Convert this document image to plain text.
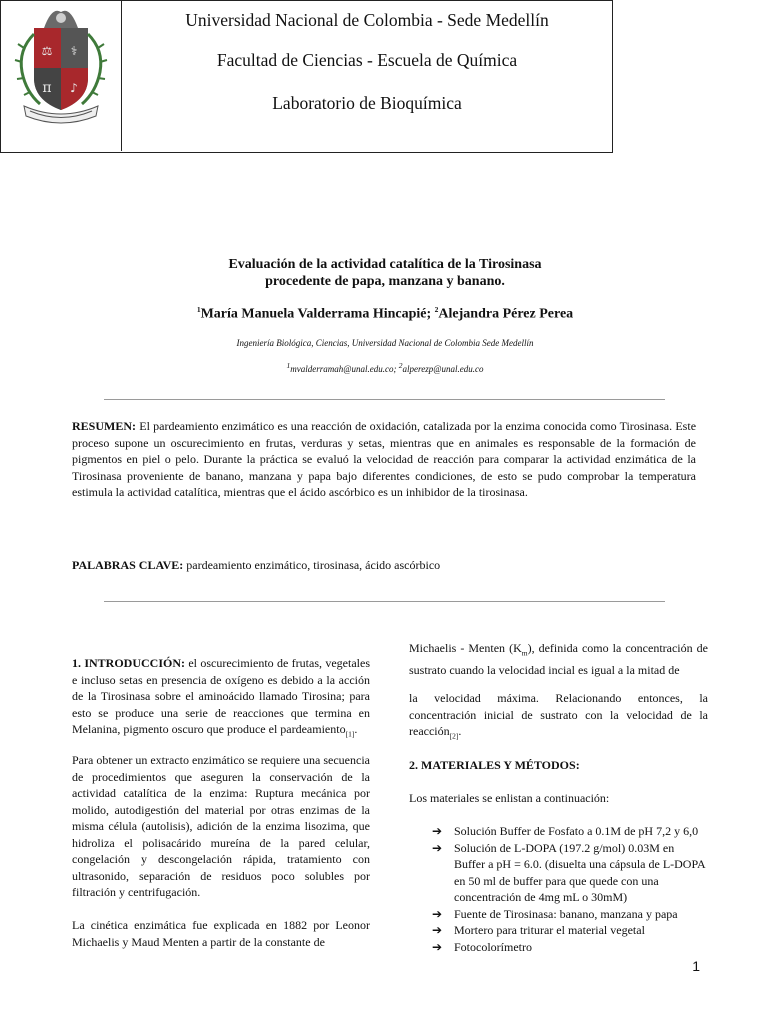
⚖ ⚕
π ♪
Universidad Nacional de Colombia - Sede Medellín
Facultad de Ciencias - Escuela de Química
Laboratorio de Bioquímica
Evaluación de la actividad catalítica de la Tirosinasa
procedente de papa, manzana y banano.
$^1$María Manuela Valderrama Hincapié; $^2$Alejandra Pérez Perea
Ingeniería Biológica, Ciencias, Universidad Nacional de Colombia Sede Medellín
$^1$mvalderramah@unal.edu.co; $^2$alperezp@unal.edu.co
RESUMEN: El pardeamiento enzimático es una reacción de oxidación, catalizada por la enzima conocida como Tirosinasa. Este proceso supone un oscurecimiento en frutas, verduras y setas, mientras que en animales es responsable de la formación de pigmentos en piel o pelo. Durante la práctica se evaluó la velocidad de reacción para comparar la actividad enzimática de la Tirosinasa proveniente de banano, manzana y papa bajo diferentes condiciones, de esto se pudo comprobar la temperatura estimula la actividad catalítica, mientras que el ácido ascórbico es un inhibidor de la tirosinasa.
PALABRAS CLAVE: pardeamiento enzimático, tirosinasa, ácido ascórbico
1. INTRODUCCIÓN: el oscurecimiento de frutas, vegetales e incluso setas en presencia de oxígeno es debido a la acción de la Tirosinasa sobre el aminoácido llamado Tirosina; para esto se produce una serie de reacciones que termina en Melanina, pigmento oscuro que produce el pardeamiento$_{[1]}$.
Para obtener un extracto enzimático se requiere una secuencia de procedimientos que aseguren la conservación de la actividad catalítica de la enzima: Ruptura mecánica por molido, autodigestión del material por otras enzimas de la misma célula (autolisis), adición de la enzima lisozima, que hidroliza el polisacárido mureína de la pared celular, congelación y descongelación rápida, tratamiento con ultrasonido, separación de residuos poco solubles por filtración y centrifugación.
La cinética enzimática fue explicada en 1882 por Leonor Michaelis y Maud Menten a partir de la constante de
Michaelis - Menten $(K_m)$, definida como la concentración de sustrato cuando la velocidad incial es igual a la mitad de
la velocidad máxima. Relacionando entonces, la concentración inicial de sustrato con la velocidad de la reacción$_{[2]}$.
2. MATERIALES Y MÉTODOS:
Los materiales se enlistan a continuación:
➔ Solución Buffer de Fosfato a 0.1M de pH 7,2 y 6,0
➔ Solución de L-DOPA (197.2 g/mol) 0.03M en Buffer a pH = 6.0. (disuelta una cápsula de L-DOPA en 50 ml de buffer para que quede con una concentración de 4mg mL o 30mM)
➔ Fuente de Tirosinasa: banano, manzana y papa
➔ Mortero para triturar el material vegetal
➔ Fotocolorímetro
1
